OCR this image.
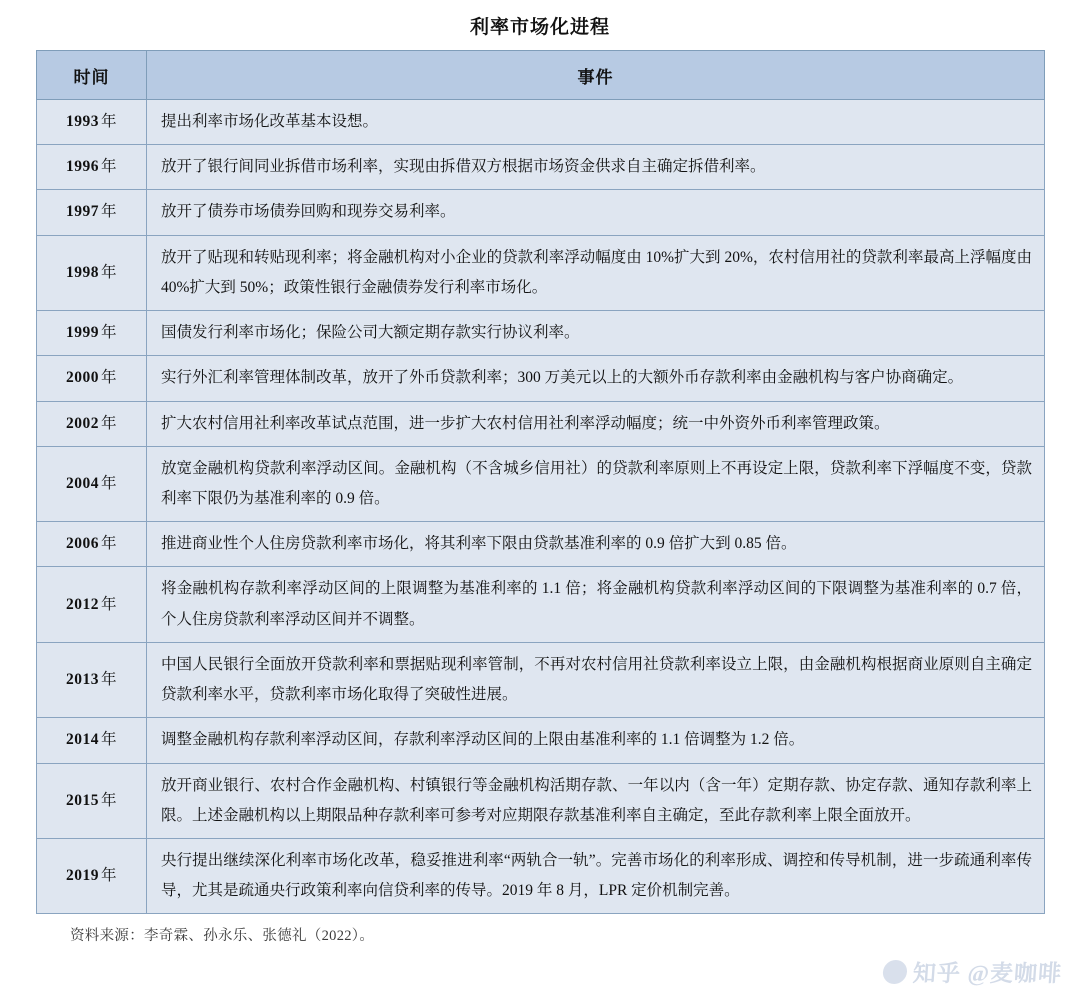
利率市场化进程
时间	事件
1993 年	提出利率市场化改革基本设想。
1996 年	放开了银行间同业拆借市场利率，实现由拆借双方根据市场资金供求自主确定拆借利率。
1997 年	放开了债券市场债券回购和现券交易利率。
1998 年	放开了贴现和转贴现利率；将金融机构对小企业的贷款利率浮动幅度由 10%扩大到 20%，农村信用社的贷款利率最高上浮幅度由 40%扩大到 50%；政策性银行金融债券发行利率市场化。
1999 年	国债发行利率市场化；保险公司大额定期存款实行协议利率。
2000 年	实行外汇利率管理体制改革，放开了外币贷款利率；300 万美元以上的大额外币存款利率由金融机构与客户协商确定。
2002 年	扩大农村信用社利率改革试点范围，进一步扩大农村信用社利率浮动幅度；统一中外资外币利率管理政策。
2004 年	放宽金融机构贷款利率浮动区间。金融机构（不含城乡信用社）的贷款利率原则上不再设定上限，贷款利率下浮幅度不变，贷款利率下限仍为基准利率的 0.9 倍。
2006 年	推进商业性个人住房贷款利率市场化，将其利率下限由贷款基准利率的 0.9 倍扩大到 0.85 倍。
2012 年	将金融机构存款利率浮动区间的上限调整为基准利率的 1.1 倍；将金融机构贷款利率浮动区间的下限调整为基准利率的 0.7 倍，个人住房贷款利率浮动区间并不调整。
2013 年	中国人民银行全面放开贷款利率和票据贴现利率管制，不再对农村信用社贷款利率设立上限，由金融机构根据商业原则自主确定贷款利率水平，贷款利率市场化取得了突破性进展。
2014 年	调整金融机构存款利率浮动区间，存款利率浮动区间的上限由基准利率的 1.1 倍调整为 1.2 倍。
2015 年	放开商业银行、农村合作金融机构、村镇银行等金融机构活期存款、一年以内（含一年）定期存款、协定存款、通知存款利率上限。上述金融机构以上期限品种存款利率可参考对应期限存款基准利率自主确定，至此存款利率上限全面放开。
2019 年	央行提出继续深化利率市场化改革，稳妥推进利率“两轨合一轨”。完善市场化的利率形成、调控和传导机制，进一步疏通利率传导，尤其是疏通央行政策利率向信贷利率的传导。2019 年 8 月，LPR 定价机制完善。
资料来源：李奇霖、孙永乐、张德礼（2022）。
知乎 @麦咖啡
